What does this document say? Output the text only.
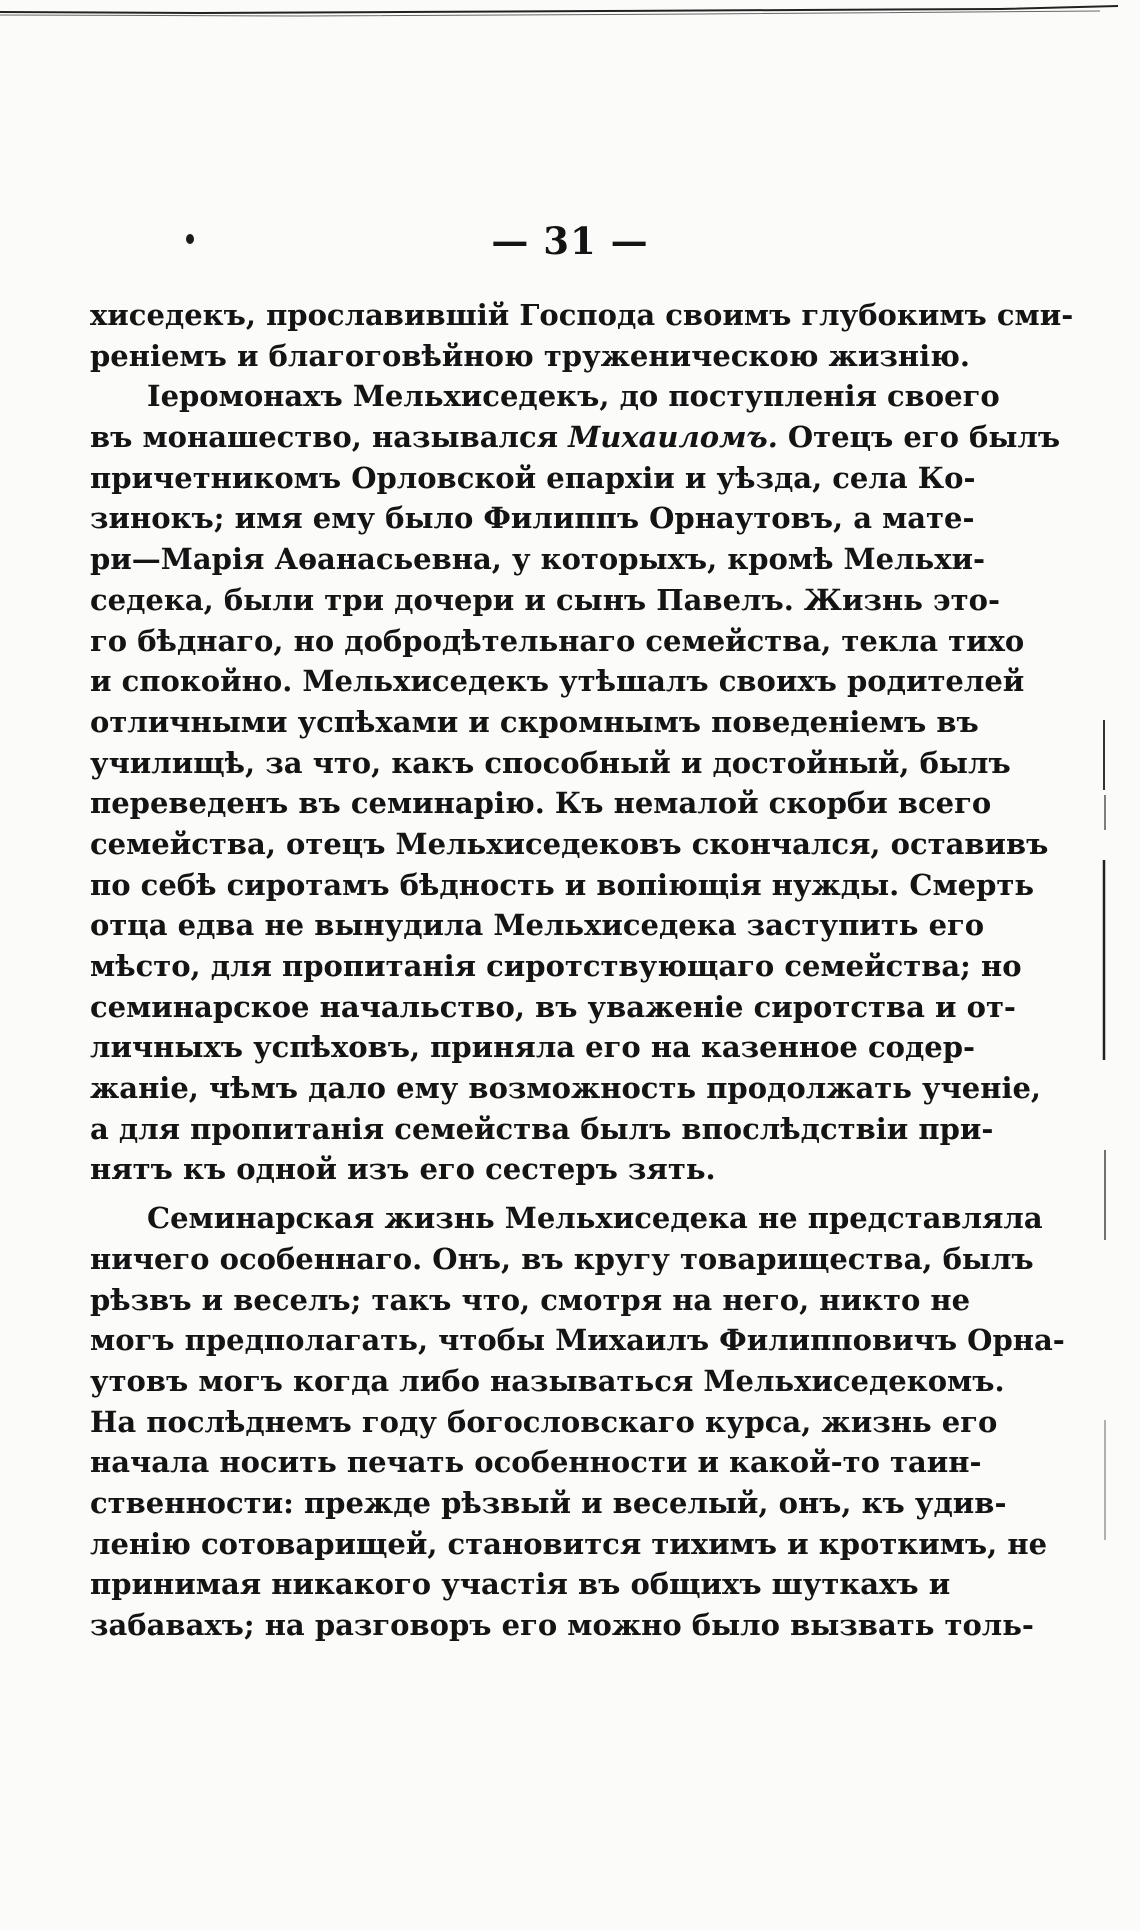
— 31 —
хиседекъ, прославившій Господа своимъ глубокимъ сми-
реніемъ и благоговѣйною труженическою жизнію.
Іеромонахъ Мельхиседекъ, до поступленія своего
въ монашество, назывался Михаиломъ. Отецъ его былъ
причетникомъ Орловской епархіи и уѣзда, села Ко-
зинокъ; имя ему было Филиппъ Орнаутовъ, а мате-
ри—Марія Аѳанасьевна, у которыхъ, кромѣ Мельхи-
седека, были три дочери и сынъ Павелъ. Жизнь это-
го бѣднаго, но добродѣтельнаго семейства, текла тихо
и спокойно. Мельхиседекъ утѣшалъ своихъ родителей
отличными успѣхами и скромнымъ поведеніемъ въ
училищѣ, за что, какъ способный и достойный, былъ
переведенъ въ семинарію. Къ немалой скорби всего
семейства, отецъ Мельхиседековъ скончался, оставивъ
по себѣ сиротамъ бѣдность и вопіющія нужды. Смерть
отца едва не вынудила Мельхиседека заступить его
мѣсто, для пропитанія сиротствующаго семейства; но
семинарское начальство, въ уваженіе сиротства и от-
личныхъ успѣховъ, приняла его на казенное содер-
жаніе, чѣмъ дало ему возможность продолжать ученіе,
а для пропитанія семейства былъ впослѣдствіи при-
нятъ къ одной изъ его сестеръ зять.
Семинарская жизнь Мельхиседека не представляла
ничего особеннаго. Онъ, въ кругу товарищества, былъ
рѣзвъ и веселъ; такъ что, смотря на него, никто не
могъ предполагать, чтобы Михаилъ Филипповичъ Орна-
утовъ могъ когда либо называться Мельхиседекомъ.
На послѣднемъ году богословскаго курса, жизнь его
начала носить печать особенности и какой-то таин-
ственности: прежде рѣзвый и веселый, онъ, къ удив-
ленію сотоварищей, становится тихимъ и кроткимъ, не
принимая никакого участія въ общихъ шуткахъ и
забавахъ; на разговоръ его можно было вызвать толь-
